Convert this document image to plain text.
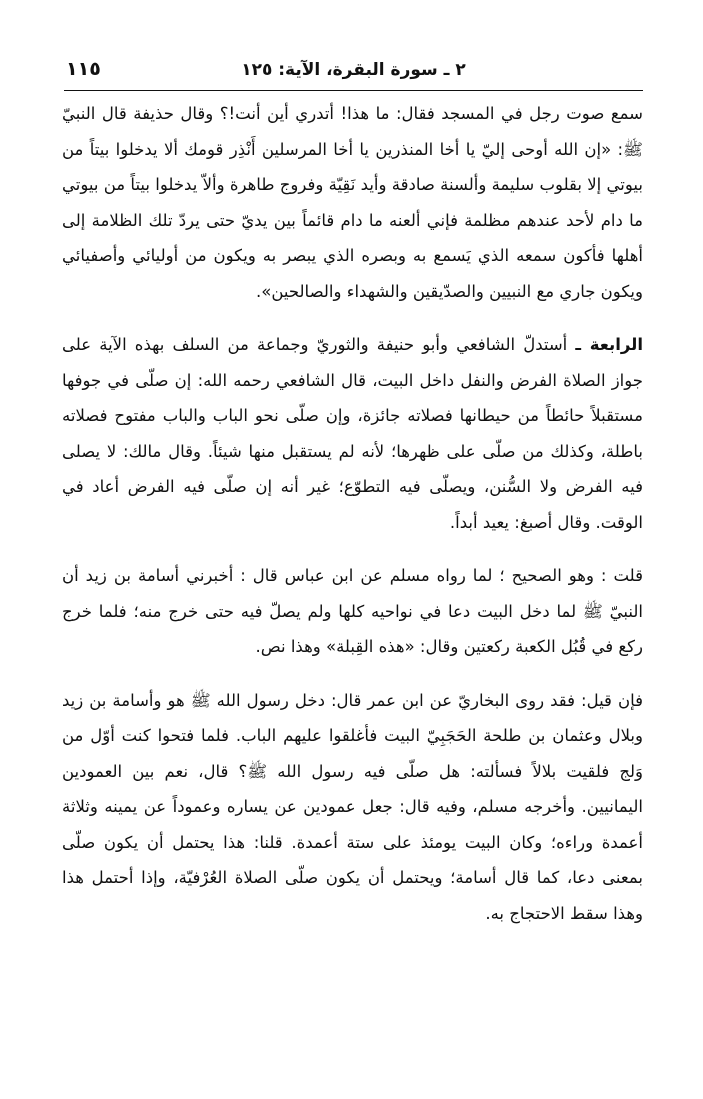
٢ ـ سورة البقرة، الآية: ١٢٥
١١٥

سمع صوت رجل في المسجد فقال: ما هذا! أتدري أين أنت!؟ وقال حذيفة قال النبيّ ﷺ: «إن الله أوحى إليّ يا أخا المنذرين يا أخا المرسلين أَنْذِر قومك ألا يدخلوا بيتاً من بيوتي إلا بقلوب سليمة وألسنة صادقة وأيد نَقِيّة وفروج طاهرة وألاّ يدخلوا بيتاً من بيوتي ما دام لأحد عندهم مظلمة فإني ألعنه ما دام قائماً بين يديّ حتى يردّ تلك الظلامة إلى أهلها فأكون سمعه الذي يَسمع به وبصره الذي يبصر به ويكون من أوليائي وأصفيائي ويكون جاري مع النبيين والصدّيقين والشهداء والصالحين».

الرابعة ـ أستدلّ الشافعي وأبو حنيفة والثوريّ وجماعة من السلف بهذه الآية على جواز الصلاة الفرض والنفل داخل البيت، قال الشافعي رحمه الله: إن صلّى في جوفها مستقبلاً حائطاً من حيطانها فصلاته جائزة، وإن صلّى نحو الباب والباب مفتوح فصلاته باطلة، وكذلك من صلّى على ظهرها؛ لأنه لم يستقبل منها شيئاً. وقال مالك: لا يصلى فيه الفرض ولا السُّنن، ويصلّى فيه التطوّع؛ غير أنه إن صلّى فيه الفرض أعاد في الوقت. وقال أصبغ: يعيد أبداً.

قلت : وهو الصحيح ؛ لما رواه مسلم عن ابن عباس قال : أخبرني أسامة بن زيد أن النبيّ ﷺ لما دخل البيت دعا في نواحيه كلها ولم يصلّ فيه حتى خرج منه؛ فلما خرج ركع في قُبُل الكعبة ركعتين وقال: «هذه القِبلة» وهذا نص.

فإن قيل: فقد روى البخاريّ عن ابن عمر قال: دخل رسول الله ﷺ هو وأسامة بن زيد وبلال وعثمان بن طلحة الحَجَبِيّ البيت فأغلقوا عليهم الباب. فلما فتحوا كنت أوّل من وَلج فلقيت بلالاً فسألته: هل صلّى فيه رسول الله ﷺ؟ قال، نعم بين العمودين اليمانيين. وأخرجه مسلم، وفيه قال: جعل عمودين عن يساره وعموداً عن يمينه وثلاثة أعمدة وراءه؛ وكان البيت يومئذ على ستة أعمدة. قلنا: هذا يحتمل أن يكون صلّى بمعنى دعا، كما قال أسامة؛ ويحتمل أن يكون صلّى الصلاة العُرْفيّة، وإذا أحتمل هذا وهذا سقط الاحتجاج به.
